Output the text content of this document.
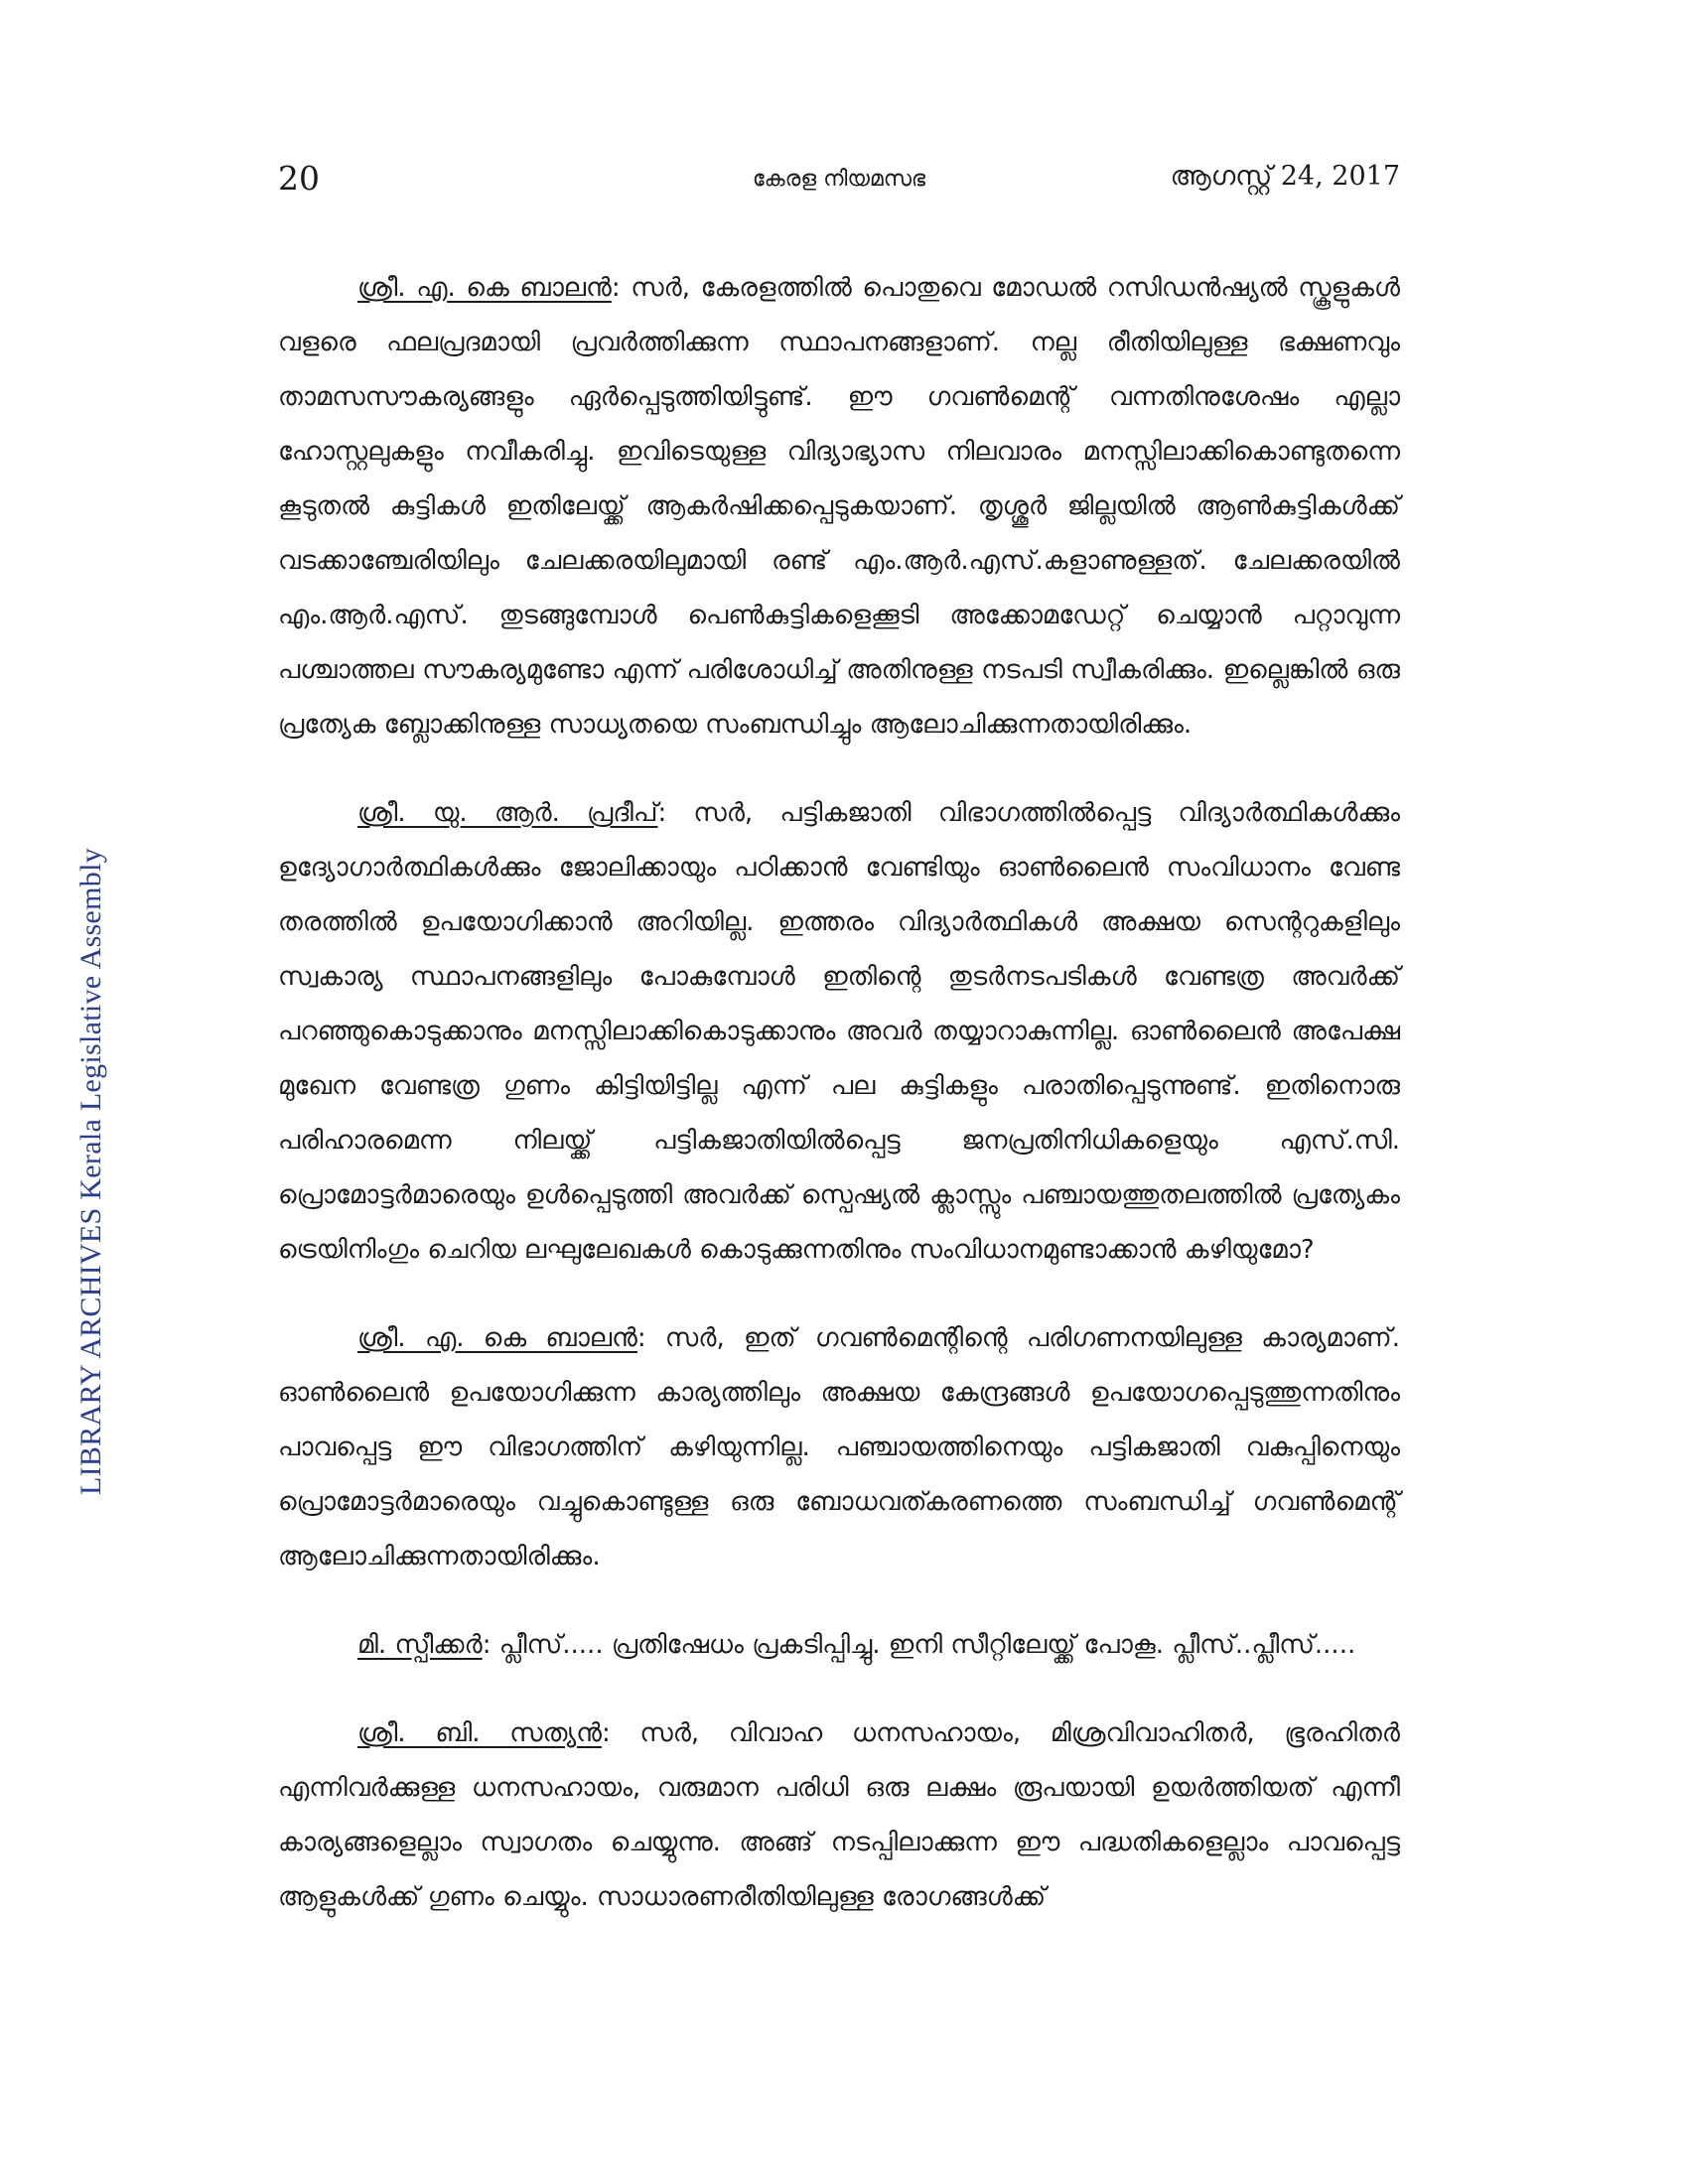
20	കേരള നിയമസഭ	ആഗസ്റ്റ് 24, 2017
LIBRARY ARCHIVES Kerala Legislative Assembly

ശ്രീ. എ. കെ ബാലൻ: സർ, കേരളത്തിൽ പൊതുവെ മോഡൽ റസിഡൻഷ്യൽ സ്കൂളുകൾ വളരെ ഫലപ്രദമായി പ്രവർത്തിക്കുന്ന സ്ഥാപനങ്ങളാണ്. നല്ല രീതിയിലുള്ള ഭക്ഷണവും താമസസൗകര്യങ്ങളും ഏർപ്പെടുത്തിയിട്ടുണ്ട്. ഈ ഗവൺമെന്റ് വന്നതിനുശേഷം എല്ലാ ഹോസ്റ്റലുകളും നവീകരിച്ചു. ഇവിടെയുള്ള വിദ്യാഭ്യാസ നിലവാരം മനസ്സിലാക്കികൊണ്ടുതന്നെ കൂടുതൽ കുട്ടികൾ ഇതിലേയ്ക്ക് ആകർഷിക്കപ്പെടുകയാണ്. തൃശ്ശൂർ ജില്ലയിൽ ആൺകുട്ടികൾക്ക് വടക്കാഞ്ചേരിയിലും ചേലക്കരയിലുമായി രണ്ട് എം.ആർ.എസ്.കളാണുള്ളത്. ചേലക്കരയിൽ എം.ആർ.എസ്. തുടങ്ങുമ്പോൾ പെൺകുട്ടികളെക്കൂടി അക്കോമഡേറ്റ് ചെയ്യാൻ പറ്റാവുന്ന പശ്ചാത്തല സൗകര്യമുണ്ടോ എന്ന് പരിശോധിച്ച് അതിനുള്ള നടപടി സ്വീകരിക്കും. ഇല്ലെങ്കിൽ ഒരു പ്രത്യേക ബ്ലോക്കിനുള്ള സാധ്യതയെ സംബന്ധിച്ചും ആലോചിക്കുന്നതായിരിക്കും.

ശ്രീ. യു. ആർ. പ്രദീപ്: സർ, പട്ടികജാതി വിഭാഗത്തിൽപ്പെട്ട വിദ്യാർത്ഥികൾക്കും ഉദ്യോഗാർത്ഥികൾക്കും ജോലിക്കായും പഠിക്കാൻ വേണ്ടിയും ഓൺലൈൻ സംവിധാനം വേണ്ട തരത്തിൽ ഉപയോഗിക്കാൻ അറിയില്ല. ഇത്തരം വിദ്യാർത്ഥികൾ അക്ഷയ സെന്ററുകളിലും സ്വകാര്യ സ്ഥാപനങ്ങളിലും പോകുമ്പോൾ ഇതിന്റെ തുടർനടപടികൾ വേണ്ടത്ര അവർക്ക് പറഞ്ഞുകൊടുക്കാനും മനസ്സിലാക്കികൊടുക്കാനും അവർ തയ്യാറാകുന്നില്ല. ഓൺലൈൻ അപേക്ഷ മുഖേന വേണ്ടത്ര ഗുണം കിട്ടിയിട്ടില്ല എന്ന് പല കുട്ടികളും പരാതിപ്പെടുന്നുണ്ട്. ഇതിനൊരു പരിഹാരമെന്ന നിലയ്ക്ക് പട്ടികജാതിയിൽപ്പെട്ട ജനപ്രതിനിധികളെയും എസ്.സി. പ്രൊമോട്ടർമാരെയും ഉൾപ്പെടുത്തി അവർക്ക് സ്പെഷ്യൽ ക്ലാസ്സും പഞ്ചായത്തുതലത്തിൽ പ്രത്യേകം ട്രെയിനിംഗും ചെറിയ ലഘുലേഖകൾ കൊടുക്കുന്നതിനും സംവിധാനമുണ്ടാക്കാൻ കഴിയുമോ?

ശ്രീ. എ. കെ ബാലൻ: സർ, ഇത് ഗവൺമെന്റിന്റെ പരിഗണനയിലുള്ള കാര്യമാണ്. ഓൺലൈൻ ഉപയോഗിക്കുന്ന കാര്യത്തിലും അക്ഷയ കേന്ദ്രങ്ങൾ ഉപയോഗപ്പെടുത്തുന്നതിനും പാവപ്പെട്ട ഈ വിഭാഗത്തിന് കഴിയുന്നില്ല. പഞ്ചായത്തിനെയും പട്ടികജാതി വകുപ്പിനെയും പ്രൊമോട്ടർമാരെയും വച്ചുകൊണ്ടുള്ള ഒരു ബോധവത്കരണത്തെ സംബന്ധിച്ച് ഗവൺമെന്റ് ആലോചിക്കുന്നതായിരിക്കും.

മി. സ്പീക്കർ: പ്ലീസ്..... പ്രതിഷേധം പ്രകടിപ്പിച്ചു. ഇനി സീറ്റിലേയ്ക്ക് പോകൂ. പ്ലീസ്..പ്ലീസ്.....

ശ്രീ. ബി. സത്യൻ: സർ, വിവാഹ ധനസഹായം, മിശ്രവിവാഹിതർ, ഭൂരഹിതർ എന്നിവർക്കുള്ള ധനസഹായം, വരുമാന പരിധി ഒരു ലക്ഷം രൂപയായി ഉയർത്തിയത് എന്നീ കാര്യങ്ങളെല്ലാം സ്വാഗതം ചെയ്യുന്നു. അങ്ങ് നടപ്പിലാക്കുന്ന ഈ പദ്ധതികളെല്ലാം പാവപ്പെട്ട ആളുകൾക്ക് ഗുണം ചെയ്യും. സാധാരണരീതിയിലുള്ള രോഗങ്ങൾക്ക്
